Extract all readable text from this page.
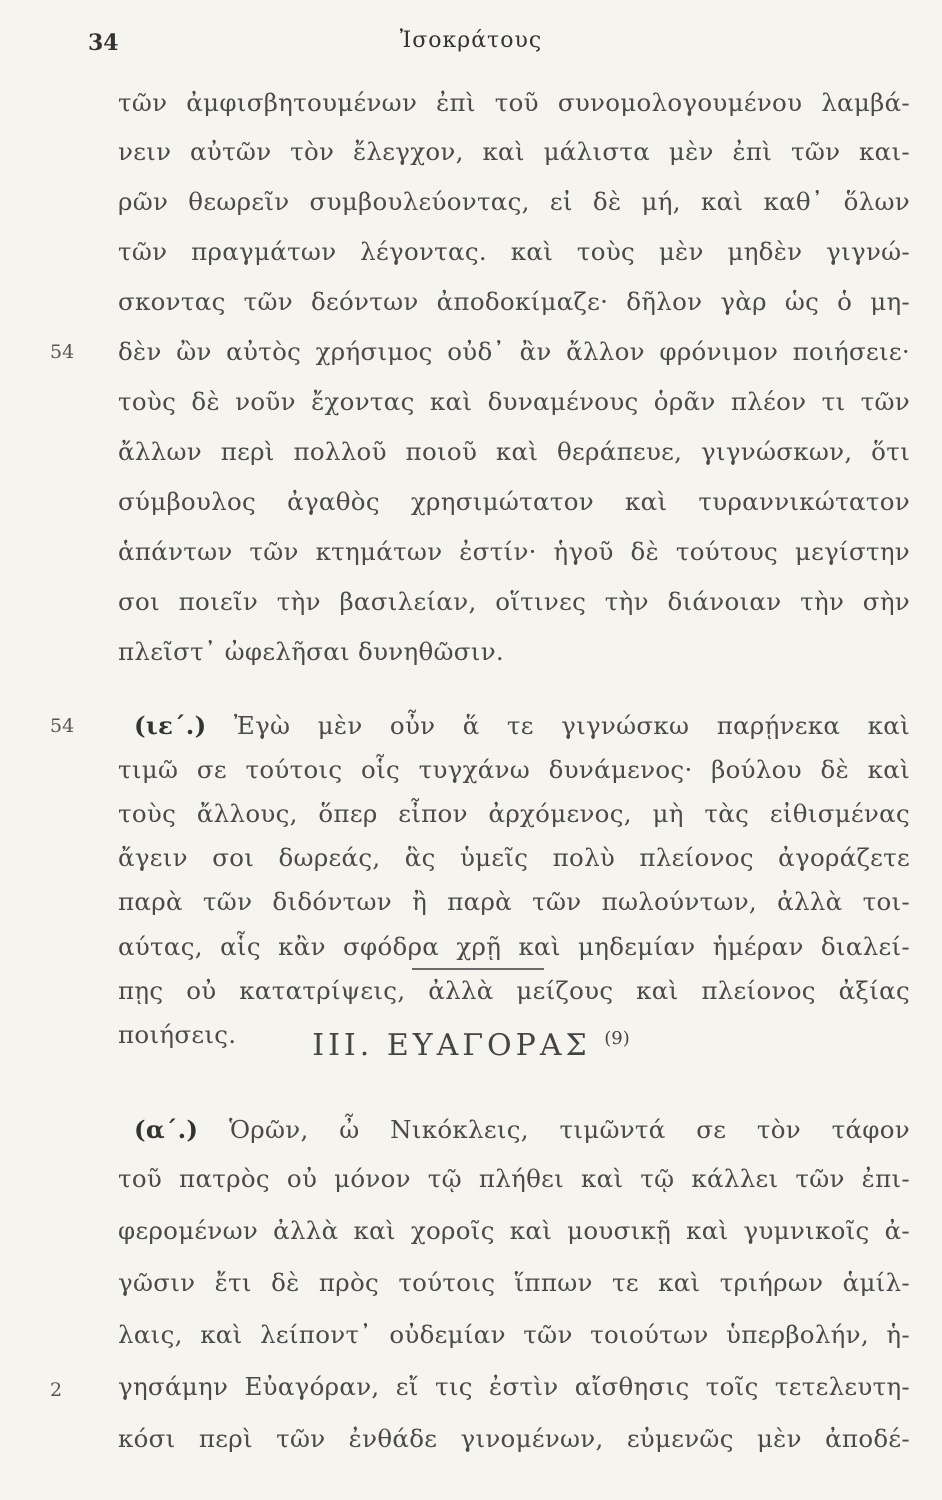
34	Ἰσοκράτους
τῶν ἀμφισβητουμένων ἐπὶ τοῦ συνομολογουμένου λαμβά-
νειν αὐτῶν τὸν ἔλεγχον, καὶ μάλιστα μὲν ἐπὶ τῶν και-
ρῶν θεωρεῖν συμβουλεύοντας, εἰ δὲ μή, καὶ καθ᾽ ὅλων
τῶν πραγμάτων λέγοντας. καὶ τοὺς μὲν μηδὲν γιγνώ-
σκοντας τῶν δεόντων ἀποδοκίμαζε· δῆλον γὰρ ὡς ὁ μη-
54 δὲν ὢν αὐτὸς χρήσιμος οὐδ᾽ ἂν ἄλλον φρόνιμον ποιήσειε·
τοὺς δὲ νοῦν ἔχοντας καὶ δυναμένους ὁρᾶν πλέον τι τῶν
ἄλλων περὶ πολλοῦ ποιοῦ καὶ θεράπευε, γιγνώσκων, ὅτι
σύμβουλος ἀγαθὸς χρησιμώτατον καὶ τυραννικώτατον
ἁπάντων τῶν κτημάτων ἐστίν· ἡγοῦ δὲ τούτους μεγίστην
σοι ποιεῖν τὴν βασιλείαν, οἵτινες τὴν διάνοιαν τὴν σὴν
πλεῖστ᾽ ὠφελῆσαι δυνηθῶσιν.
54 (ιε΄.) Ἐγὼ μὲν οὖν ἅ τε γιγνώσκω παρῄνεκα καὶ
τιμῶ σε τούτοις οἷς τυγχάνω δυνάμενος· βούλου δὲ καὶ
τοὺς ἄλλους, ὅπερ εἶπον ἀρχόμενος, μὴ τὰς εἰθισμένας
ἄγειν σοι δωρεάς, ἃς ὑμεῖς πολὺ πλείονος ἀγοράζετε
παρὰ τῶν διδόντων ἢ παρὰ τῶν πωλούντων, ἀλλὰ τοι-
αύτας, αἷς κἂν σφόδρα χρῇ καὶ μηδεμίαν ἡμέραν διαλεί-
πῃς οὐ κατατρίψεις, ἀλλὰ μείζους καὶ πλείονος ἀξίας
ποιήσεις.	III. ΕΥΑΓΟΡΑΣ $^{(9)}$
(α΄.) Ὁρῶν, ὦ Νικόκλεις, τιμῶντά σε τὸν τάφον
τοῦ πατρὸς οὐ μόνον τῷ πλήθει καὶ τῷ κάλλει τῶν ἐπι-
φερομένων ἀλλὰ καὶ χοροῖς καὶ μουσικῇ καὶ γυμνικοῖς ἀ-
γῶσιν ἔτι δὲ πρὸς τούτοις ἵππων τε καὶ τριήρων ἁμίλ-
λαις, καὶ λείποντ᾽ οὐδεμίαν τῶν τοιούτων ὑπερβολήν, ἡ-
2 γησάμην Εὐαγόραν, εἴ τις ἐστὶν αἴσθησις τοῖς τετελευτη-
κόσι περὶ τῶν ἐνθάδε γινομένων, εὐμενῶς μὲν ἀποδέ-
